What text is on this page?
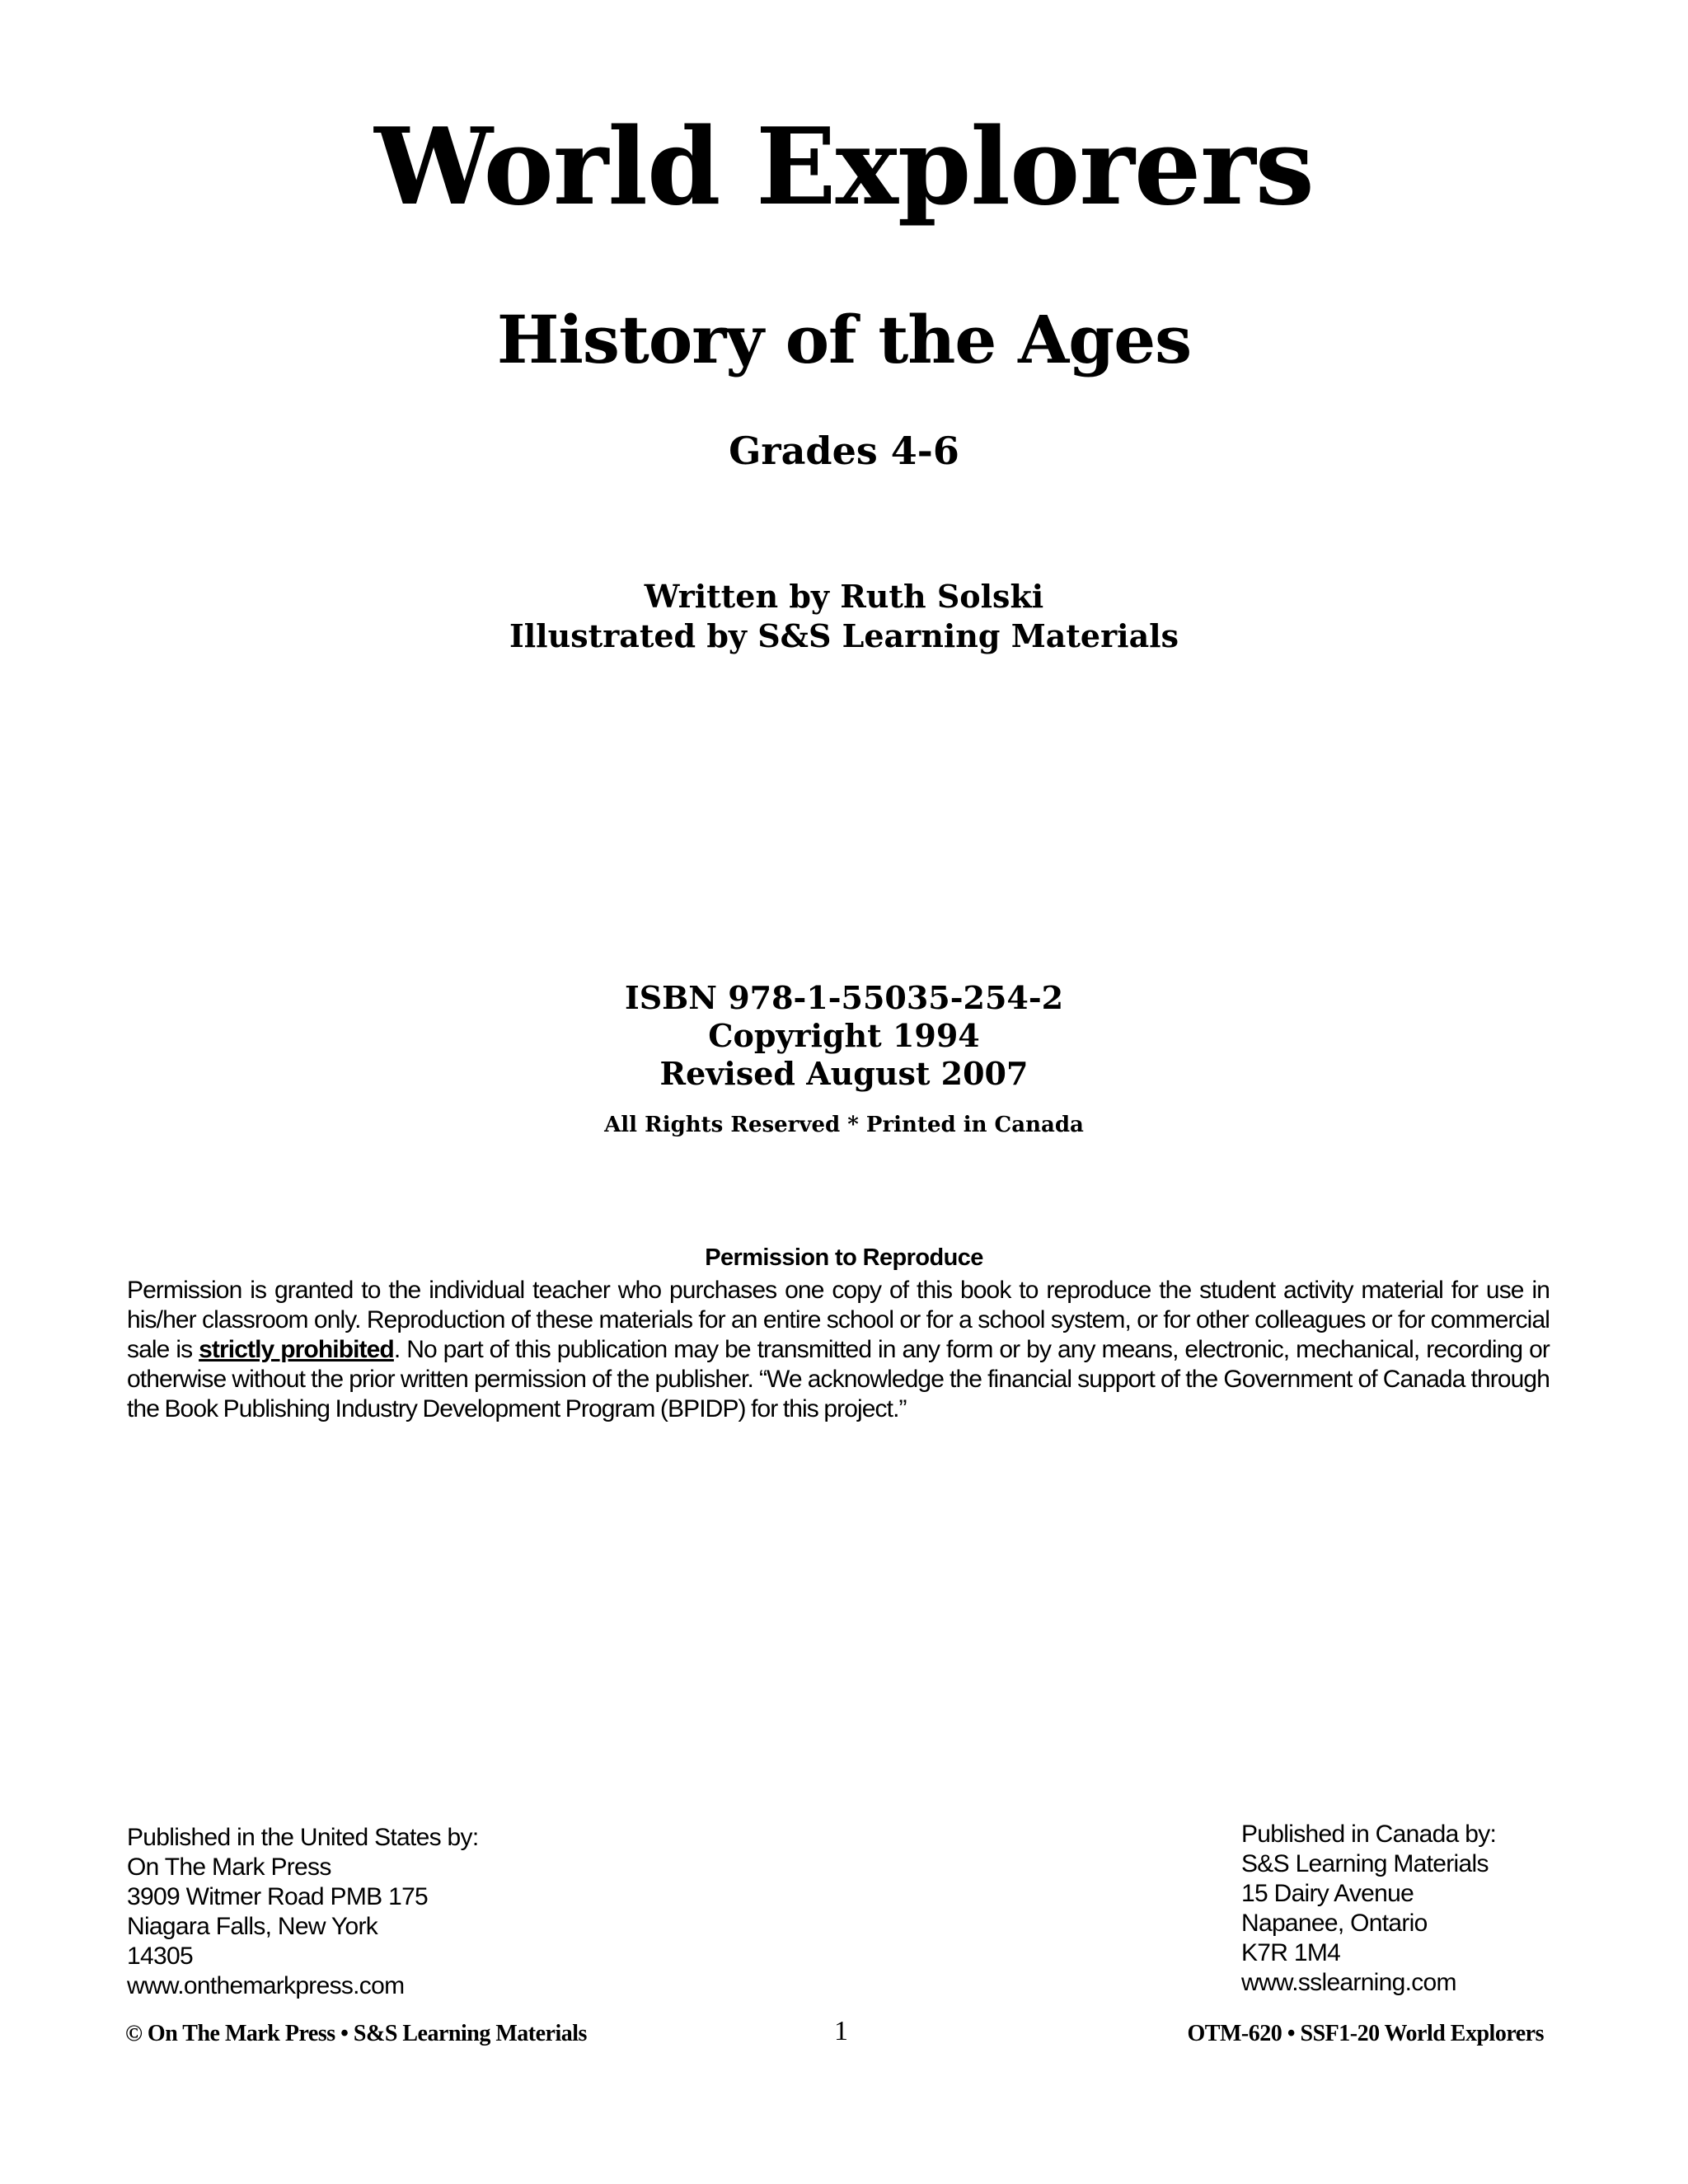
World Explorers
History of the Ages
Grades 4-6
Written by Ruth Solski
Illustrated by S&S Learning Materials
ISBN 978-1-55035-254-2
Copyright 1994
Revised August 2007
All Rights Reserved * Printed in Canada
Permission to Reproduce
Permission is granted to the individual teacher who purchases one copy of this book to reproduce the student activity material for use in his/her classroom only. Reproduction of these materials for an entire school or for a school system, or for other colleagues or for commercial sale is strictly prohibited. No part of this publication may be transmitted in any form or by any means, electronic, mechanical, recording or otherwise without the prior written permission of the publisher. “We acknowledge the financial support of the Government of Canada through the Book Publishing Industry Development Program (BPIDP) for this project.”
Published in the United States by:
On The Mark Press
3909 Witmer Road PMB 175
Niagara Falls, New York
14305
www.onthemarkpress.com
Published in Canada by:
S&S Learning Materials
15 Dairy Avenue
Napanee, Ontario
K7R 1M4
www.sslearning.com
© On The Mark Press • S&S Learning Materials	1	OTM-620 • SSF1-20 World Explorers
